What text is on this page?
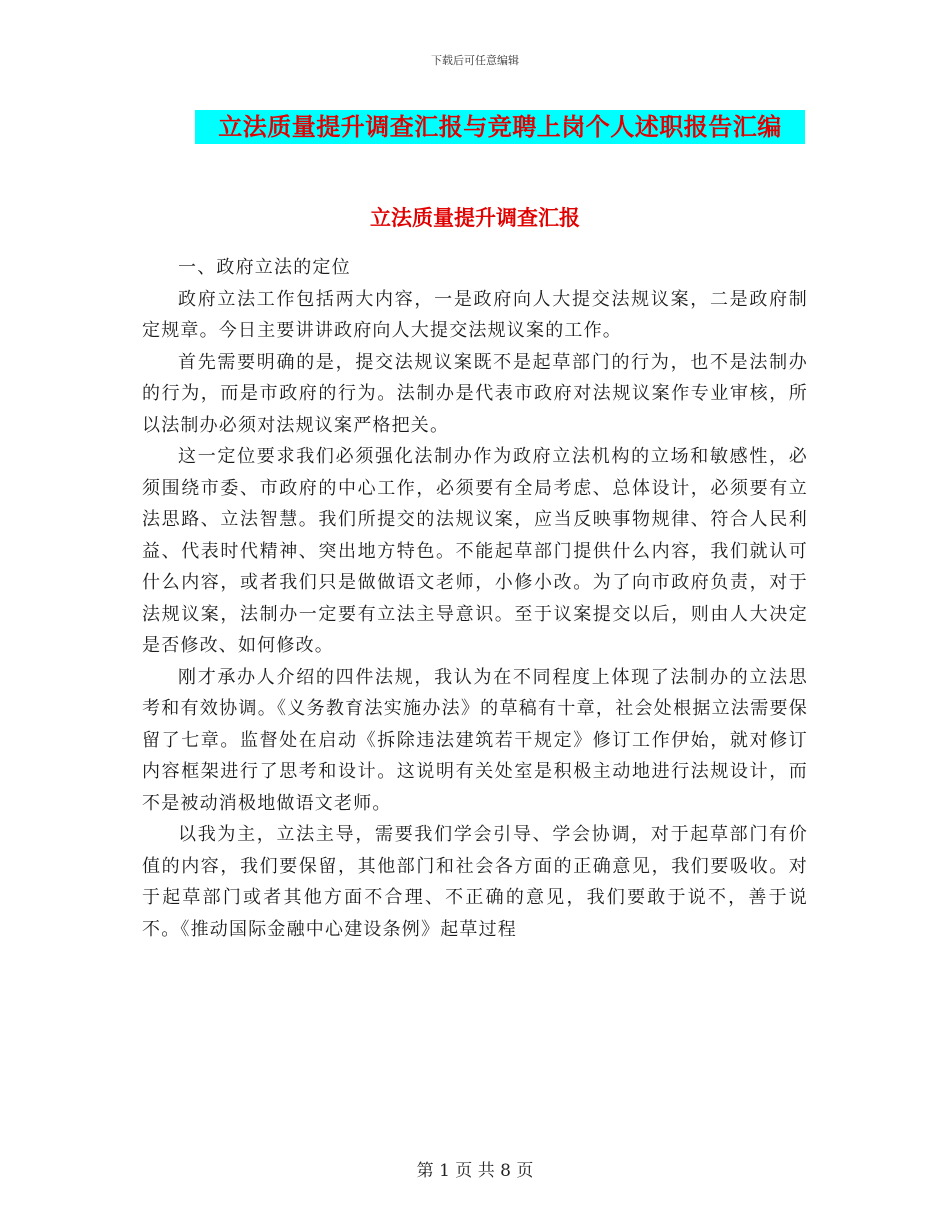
下载后可任意编辑
立法质量提升调查汇报与竞聘上岗个人述职报告汇编
立法质量提升调查汇报

一、政府立法的定位

政府立法工作包括两大内容，一是政府向人大提交法规议案，二是政府制定规章。今日主要讲讲政府向人大提交法规议案的工作。

首先需要明确的是，提交法规议案既不是起草部门的行为，也不是法制办的行为，而是市政府的行为。法制办是代表市政府对法规议案作专业审核，所以法制办必须对法规议案严格把关。

这一定位要求我们必须强化法制办作为政府立法机构的立场和敏感性，必须围绕市委、市政府的中心工作，必须要有全局考虑、总体设计，必须要有立法思路、立法智慧。我们所提交的法规议案，应当反映事物规律、符合人民利益、代表时代精神、突出地方特色。不能起草部门提供什么内容，我们就认可什么内容，或者我们只是做做语文老师，小修小改。为了向市政府负责，对于法规议案，法制办一定要有立法主导意识。至于议案提交以后，则由人大决定是否修改、如何修改。

刚才承办人介绍的四件法规，我认为在不同程度上体现了法制办的立法思考和有效协调。《义务教育法实施办法》的草稿有十章，社会处根据立法需要保留了七章。监督处在启动《拆除违法建筑若干规定》修订工作伊始，就对修订内容框架进行了思考和设计。这说明有关处室是积极主动地进行法规设计，而不是被动消极地做语文老师。

以我为主，立法主导，需要我们学会引导、学会协调，对于起草部门有价值的内容，我们要保留，其他部门和社会各方面的正确意见，我们要吸收。对于起草部门或者其他方面不合理、不正确的意见，我们要敢于说不，善于说不。《推动国际金融中心建设条例》起草过程

第 1 页 共 8 页
